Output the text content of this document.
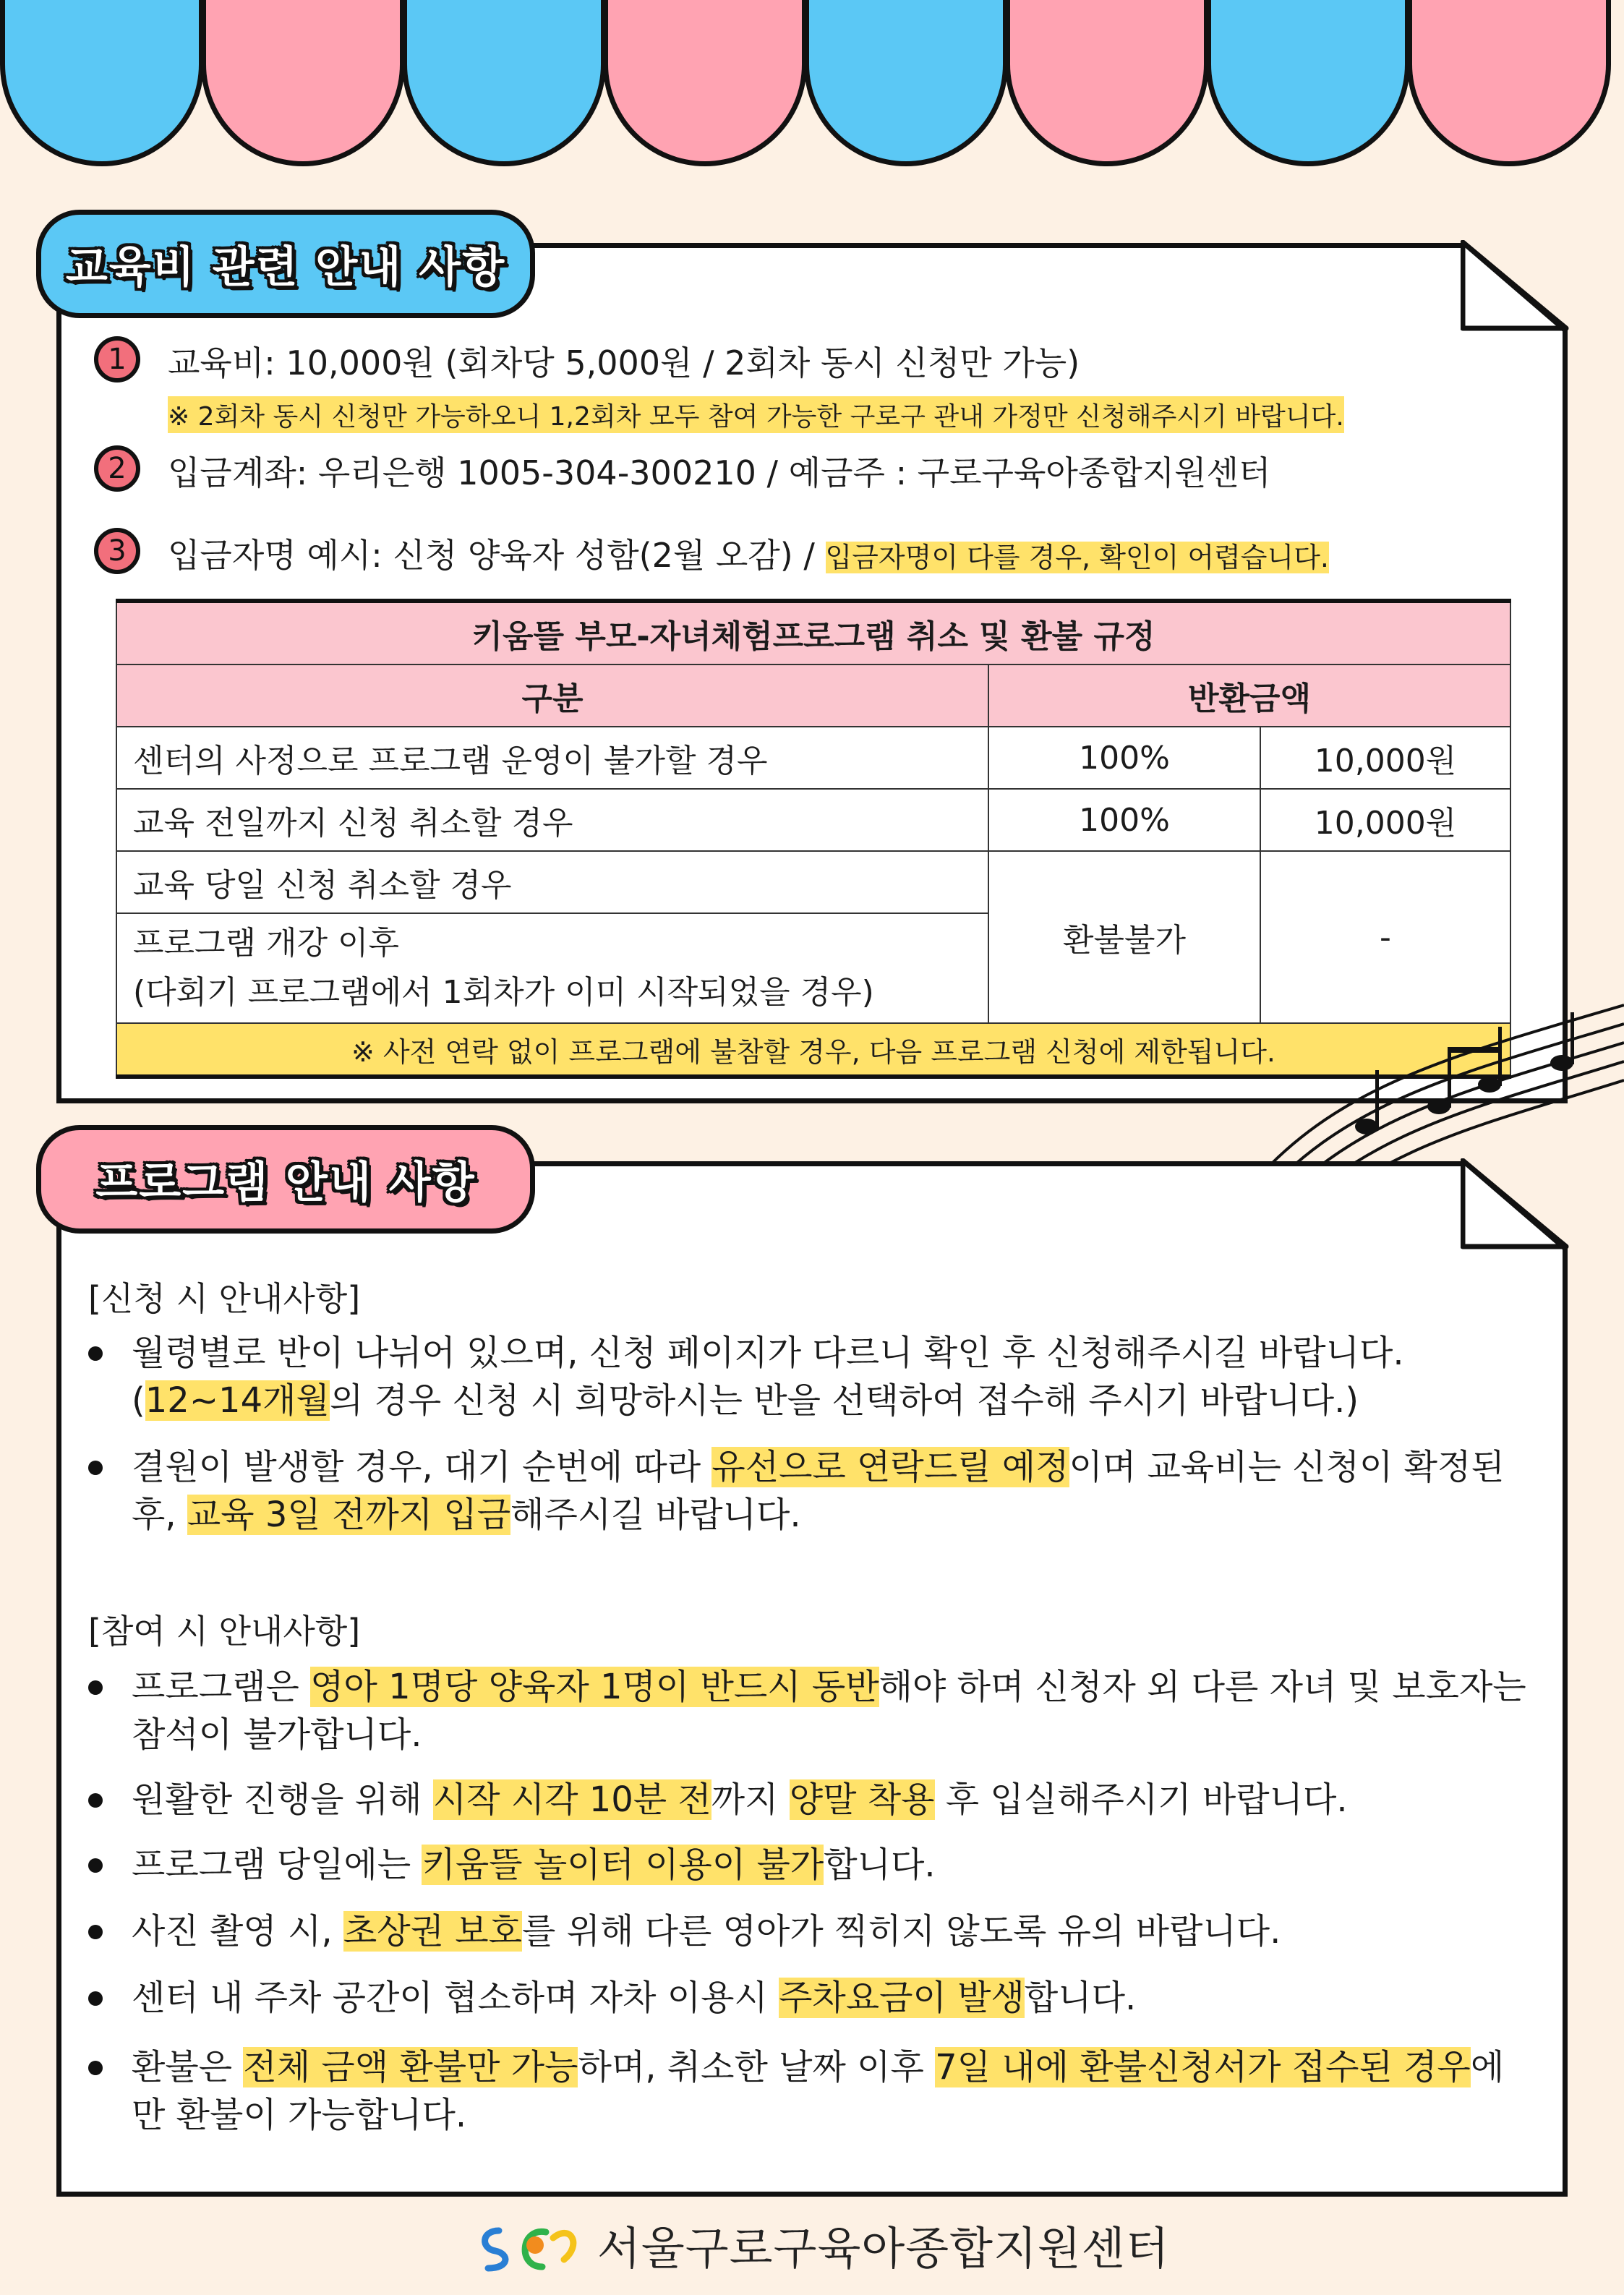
교육비 관련 안내 사항
1	교육비: 10,000원 (회차당 5,000원 / 2회차 동시 신청만 가능)
※ 2회차 동시 신청만 가능하오니 1,2회차 모두 참여 가능한 구로구 관내 가정만 신청해주시기 바랍니다.
2	입금계좌: 우리은행 1005-304-300210 / 예금주 : 구로구육아종합지원센터
3	입금자명 예시: 신청 양육자 성함(2월 오감) / 입금자명이 다를 경우, 확인이 어렵습니다.
키움뜰 부모-자녀체험프로그램 취소 및 환불 규정		
구분	반환금액	
센터의 사정으로 프로그램 운영이 불가할 경우	100%	10,000원
교육 전일까지 신청 취소할 경우	100%	10,000원
교육 당일 신청 취소할 경우	환불불가	-

프로그램 개강 이후
(다회기 프로그램에서 1회차가 이미 시작되었을 경우)		

※ 사전 연락 없이 프로그램에 불참할 경우, 다음 프로그램 신청에 제한됩니다.		
프로그램 안내 사항
[신청 시 안내사항]
월령별로 반이 나뉘어 있으며, 신청 페이지가 다르니 확인 후 신청해주시길 바랍니다.
(12~14개월의 경우 신청 시 희망하시는 반을 선택하여 접수해 주시기 바랍니다.)
결원이 발생할 경우, 대기 순번에 따라 유선으로 연락드릴 예정이며 교육비는 신청이 확정된 후, 교육 3일 전까지 입금해주시길 바랍니다.
[참여 시 안내사항]
프로그램은 영아 1명당 양육자 1명이 반드시 동반해야 하며 신청자 외 다른 자녀 및 보호자는 참석이 불가합니다.
원활한 진행을 위해 시작 시각 10분 전까지 양말 착용 후 입실해주시기 바랍니다.
프로그램 당일에는 키움뜰 놀이터 이용이 불가합니다.
사진 촬영 시, 초상권 보호를 위해 다른 영아가 찍히지 않도록 유의 바랍니다.
센터 내 주차 공간이 협소하며 자차 이용시 주차요금이 발생합니다.
환불은 전체 금액 환불만 가능하며, 취소한 날짜 이후 7일 내에 환불신청서가 접수된 경우에만 환불이 가능합니다.
서울구로구육아종합지원센터
